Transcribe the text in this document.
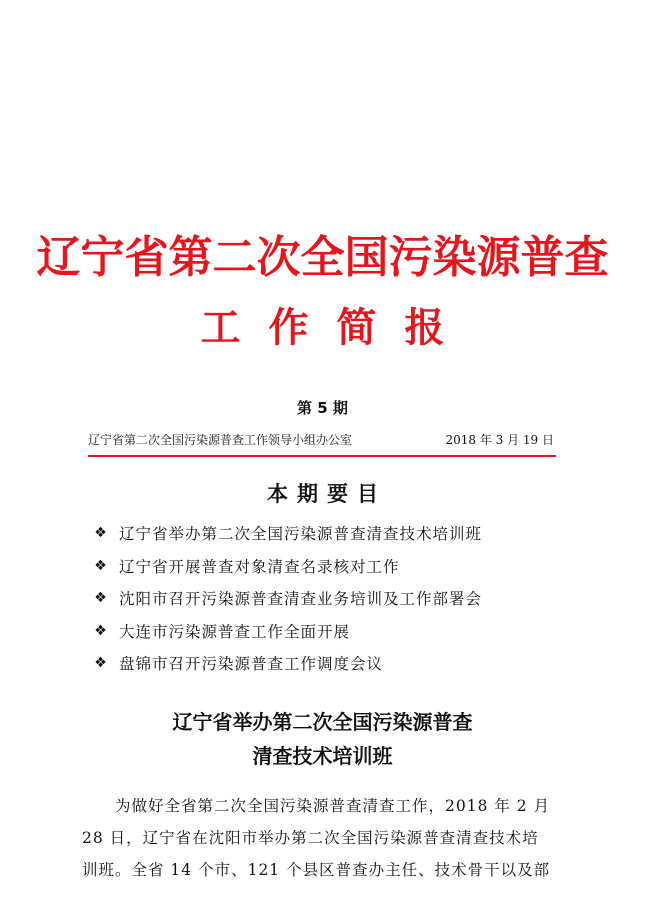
辽宁省第二次全国污染源普查
工作简报
第 5 期
辽宁省第二次全国污染源普查工作领导小组办公室	2018 年 3 月 19 日
本期要目
❖ 辽宁省举办第二次全国污染源普查清查技术培训班
❖ 辽宁省开展普查对象清查名录核对工作
❖ 沈阳市召开污染源普查清查业务培训及工作部署会
❖ 大连市污染源普查工作全面开展
❖ 盘锦市召开污染源普查工作调度会议
辽宁省举办第二次全国污染源普查
清查技术培训班

为做好全省第二次全国污染源普查清查工作，2018 年 2 月
28 日，辽宁省在沈阳市举办第二次全国污染源普查清查技术培
训班。全省 14 个市、121 个县区普查办主任、技术骨干以及部
